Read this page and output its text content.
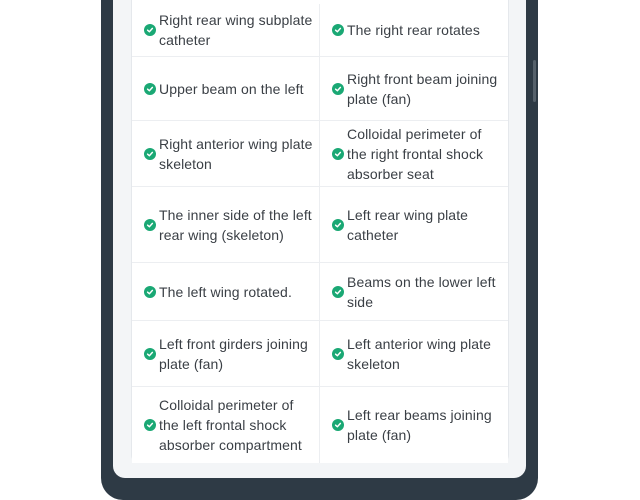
Right rear wing subplate catheter
The right rear rotates
Upper beam on the left
Right front beam joining plate (fan)
Right anterior wing plate skeleton
Colloidal perimeter of the right frontal shock absorber seat
The inner side of the left rear wing (skeleton)
Left rear wing plate catheter
The left wing rotated.
Beams on the lower left side
Left front girders joining plate (fan)
Left anterior wing plate skeleton
Colloidal perimeter of the left frontal shock absorber compartment
Left rear beams joining plate (fan)
